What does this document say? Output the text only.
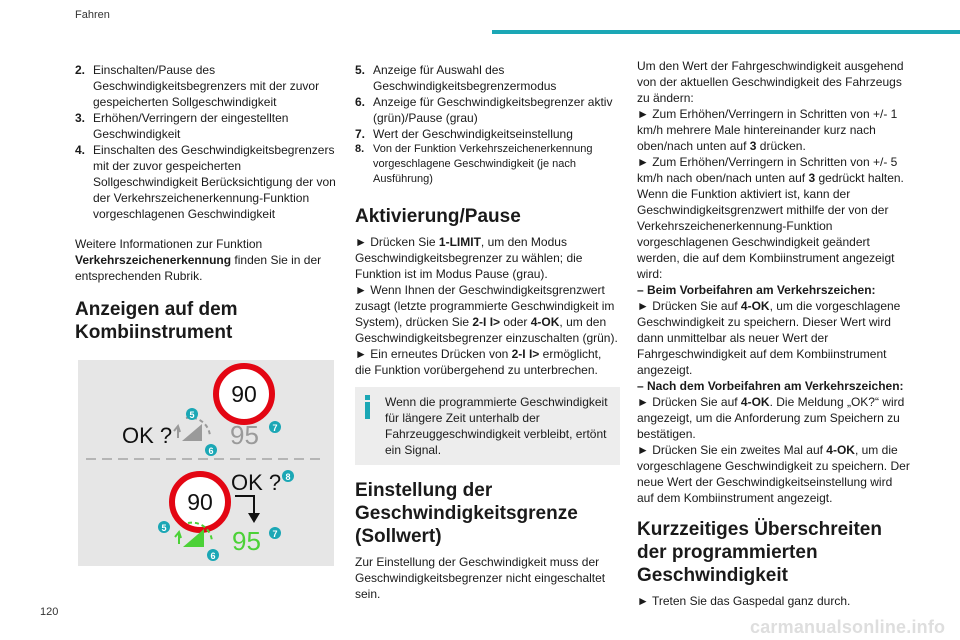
Fahren
120
carmanualsonline.info
2. Einschalten/Pause des Geschwindigkeitsbegrenzers mit der zuvor gespeicherten Sollgeschwindigkeit
3. Erhöhen/Verringern der eingestellten Geschwindigkeit
4. Einschalten des Geschwindigkeitsbegrenzers mit der zuvor gespeicherten Sollgeschwindigkeit Berücksichtigung der von der Verkehrszeichenerkennung-Funktion vorgeschlagenen Geschwindigkeit

Weitere Informationen zur Funktion Verkehrszeichenerkennung finden Sie in der entsprechenden Rubrik.

Anzeigen auf dem Kombiinstrument
90
OK ? 95
5
6
7
90
OK ? 8
95
5
6
7
5. Anzeige für Auswahl des Geschwindigkeitsbegrenzermodus
6. Anzeige für Geschwindigkeitsbegrenzer aktiv (grün)/Pause (grau)
7. Wert der Geschwindigkeitseinstellung
8. Von der Funktion Verkehrszeichenerkennung vorgeschlagene Geschwindigkeit (je nach Ausführung)
Aktivierung/Pause

► Drücken Sie 1-LIMIT, um den Modus Geschwindigkeitsbegrenzer zu wählen; die Funktion ist im Modus Pause (grau).

► Wenn Ihnen der Geschwindigkeitsgrenzwert zusagt (letzte programmierte Geschwindigkeit im System), drücken Sie 2-I I> oder 4-OK, um den Geschwindigkeitsbegrenzer einzuschalten (grün).

► Ein erneutes Drücken von 2-I I> ermöglicht, die Funktion vorübergehend zu unterbrechen.

Wenn die programmierte Geschwindigkeit für längere Zeit unterhalb der Fahrzeuggeschwindigkeit verbleibt, ertönt ein Signal.
Einstellung der Geschwindigkeitsgrenze (Sollwert)

Zur Einstellung der Geschwindigkeit muss der Geschwindigkeitsbegrenzer nicht eingeschaltet sein.

Um den Wert der Fahrgeschwindigkeit ausgehend von der aktuellen Geschwindigkeit des Fahrzeugs zu ändern:

► Zum Erhöhen/Verringern in Schritten von +/- 1 km/h mehrere Male hintereinander kurz nach oben/nach unten auf 3 drücken.

► Zum Erhöhen/Verringern in Schritten von +/- 5 km/h nach oben/nach unten auf 3 gedrückt halten.

Wenn die Funktion aktiviert ist, kann der Geschwindigkeitsgrenzwert mithilfe der von der Verkehrszeichenerkennung-Funktion vorgeschlagenen Geschwindigkeit geändert werden, die auf dem Kombiinstrument angezeigt wird:

– Beim Vorbeifahren am Verkehrszeichen:

► Drücken Sie auf 4-OK, um die vorgeschlagene Geschwindigkeit zu speichern. Dieser Wert wird dann unmittelbar als neuer Wert der Fahrgeschwindigkeit auf dem Kombiinstrument angezeigt.

– Nach dem Vorbeifahren am Verkehrszeichen:

► Drücken Sie auf 4-OK. Die Meldung „OK?“ wird angezeigt, um die Anforderung zum Speichern zu bestätigen.

► Drücken Sie ein zweites Mal auf 4-OK, um die vorgeschlagene Geschwindigkeit zu speichern. Der neue Wert der Geschwindigkeitseinstellung wird auf dem Kombiinstrument angezeigt.

Kurzzeitiges Überschreiten der programmierten Geschwindigkeit

► Treten Sie das Gaspedal ganz durch.
